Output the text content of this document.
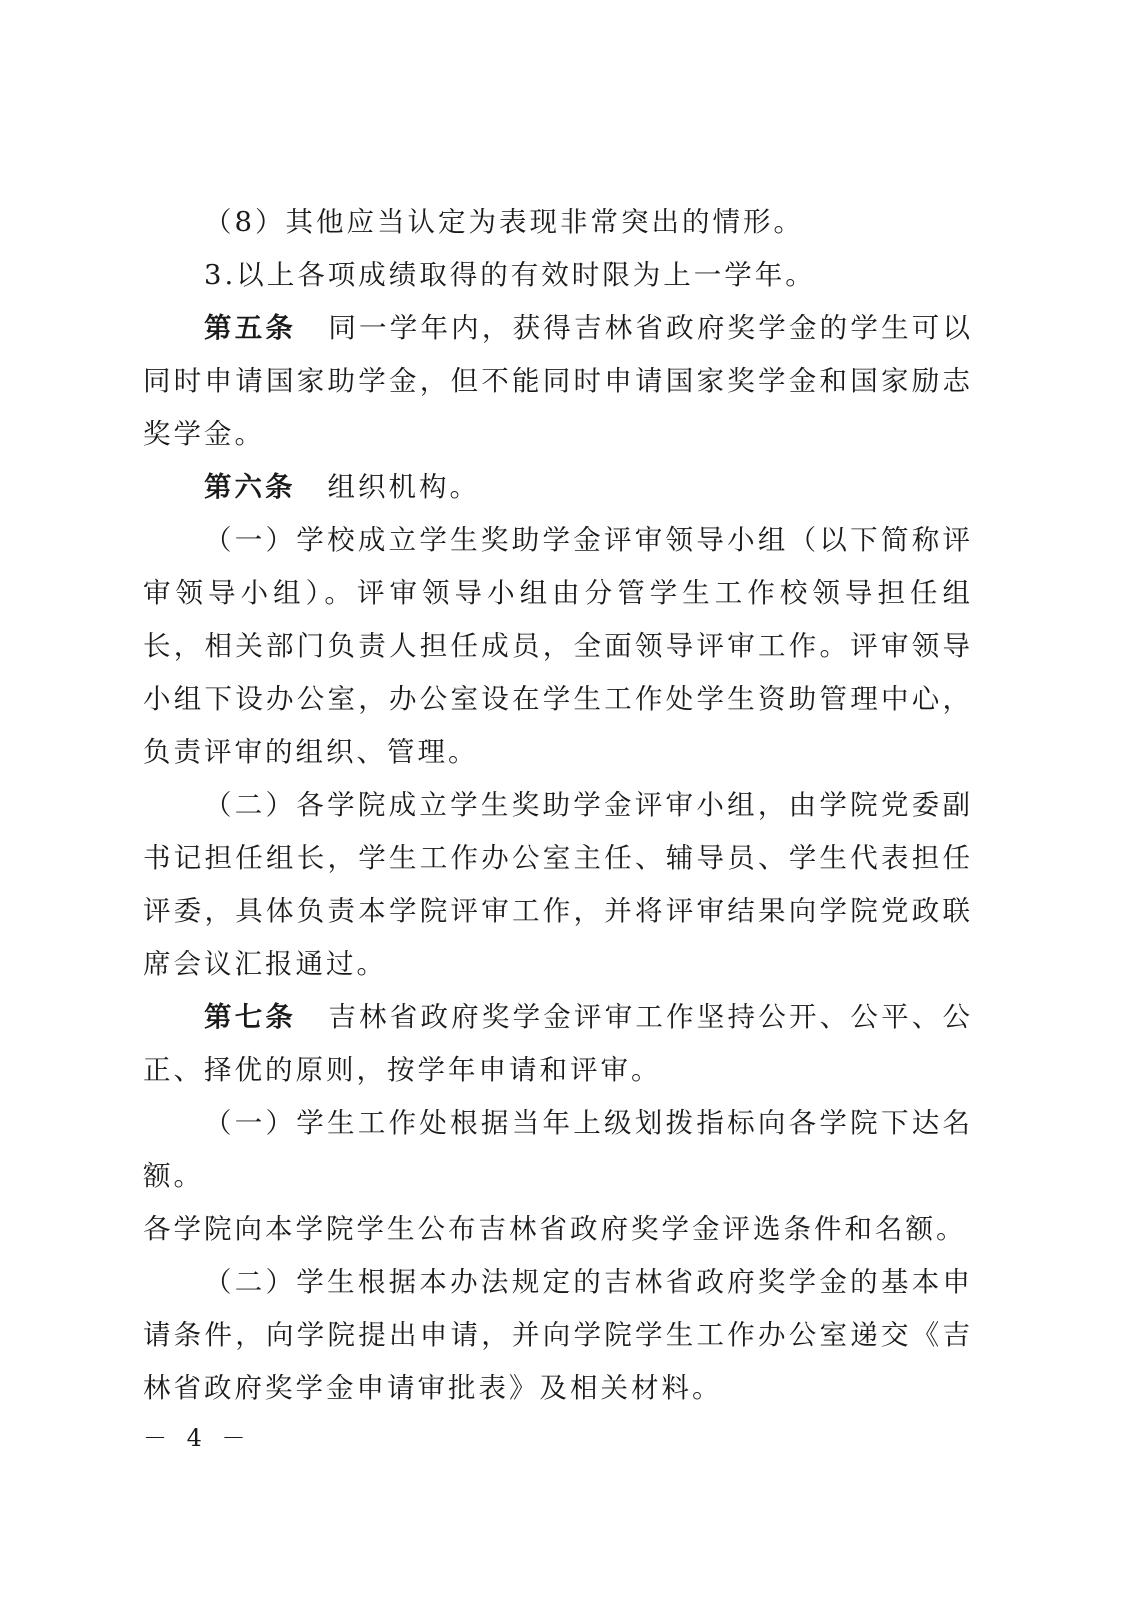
（8）其他应当认定为表现非常突出的情形。

3.以上各项成绩取得的有效时限为上一学年。

第五条 同一学年内，获得吉林省政府奖学金的学生可以同时申请国家助学金，但不能同时申请国家奖学金和国家励志奖学金。

第六条 组织机构。

（一）学校成立学生奖助学金评审领导小组（以下简称评审领导小组）。评审领导小组由分管学生工作校领导担任组长，相关部门负责人担任成员，全面领导评审工作。评审领导小组下设办公室，办公室设在学生工作处学生资助管理中心，负责评审的组织、管理。

（二）各学院成立学生奖助学金评审小组，由学院党委副书记担任组长，学生工作办公室主任、辅导员、学生代表担任评委，具体负责本学院评审工作，并将评审结果向学院党政联席会议汇报通过。

第七条 吉林省政府奖学金评审工作坚持公开、公平、公正、择优的原则，按学年申请和评审。

（一）学生工作处根据当年上级划拨指标向各学院下达名额。

各学院向本学院学生公布吉林省政府奖学金评选条件和名额。

（二）学生根据本办法规定的吉林省政府奖学金的基本申请条件，向学院提出申请，并向学院学生工作办公室递交《吉林省政府奖学金申请审批表》及相关材料。

－ 4 －
